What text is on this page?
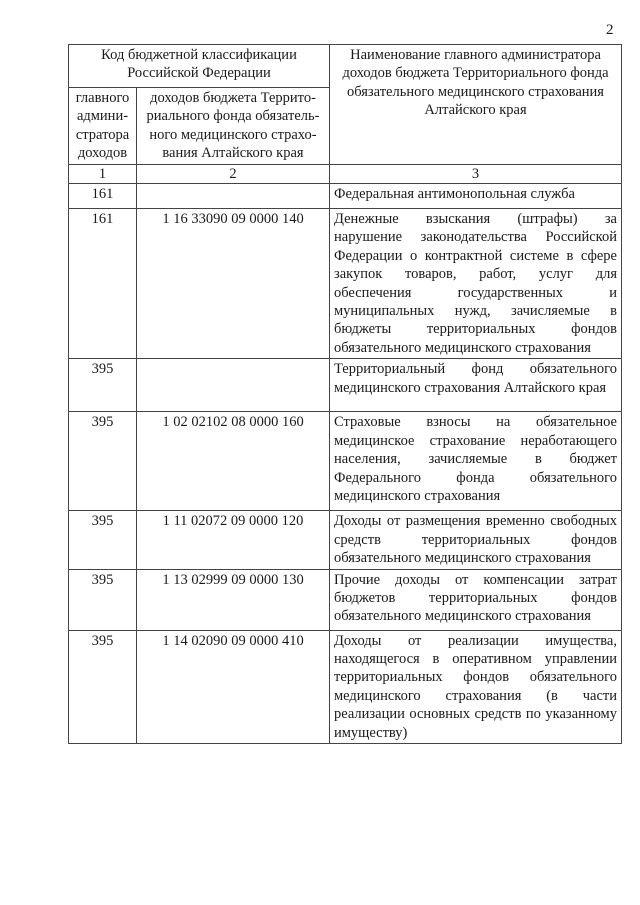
2
Код бюджетной классификации Российской Федерации		Наименование главного администратора доходов бюджета Территориального фонда обязательного медицинского страхования Алтайского края
главного админи-стратора доходов	доходов бюджета Террито-риального фонда обязатель-ного медицинского страхо-вания Алтайского края	
1	2	3
161		Федеральная антимонопольная служба
161	1 16 33090 09 0000 140	Денежные взыскания (штрафы) за нарушение законодательства Российской Федерации о контрактной системе в сфере закупок товаров, работ, услуг для обеспечения государственных и муниципальных нужд, зачисляемые в бюджеты территориальных фондов обязательного медицинского страхования
395		Территориальный фонд обязательного медицинского страхования Алтайского края
395	1 02 02102 08 0000 160	Страховые взносы на обязательное медицинское страхование неработающего населения, зачисляемые в бюджет Федерального фонда обязательного медицинского страхования
395	1 11 02072 09 0000 120	Доходы от размещения временно свободных средств территориальных фондов обязательного медицинского страхования
395	1 13 02999 09 0000 130	Прочие доходы от компенсации затрат бюджетов территориальных фондов обязательного медицинского страхования
395	1 14 02090 09 0000 410	Доходы от реализации имущества, находящегося в оперативном управлении территориальных фондов обязательного медицинского страхования (в части реализации основных средств по указанному имуществу)
